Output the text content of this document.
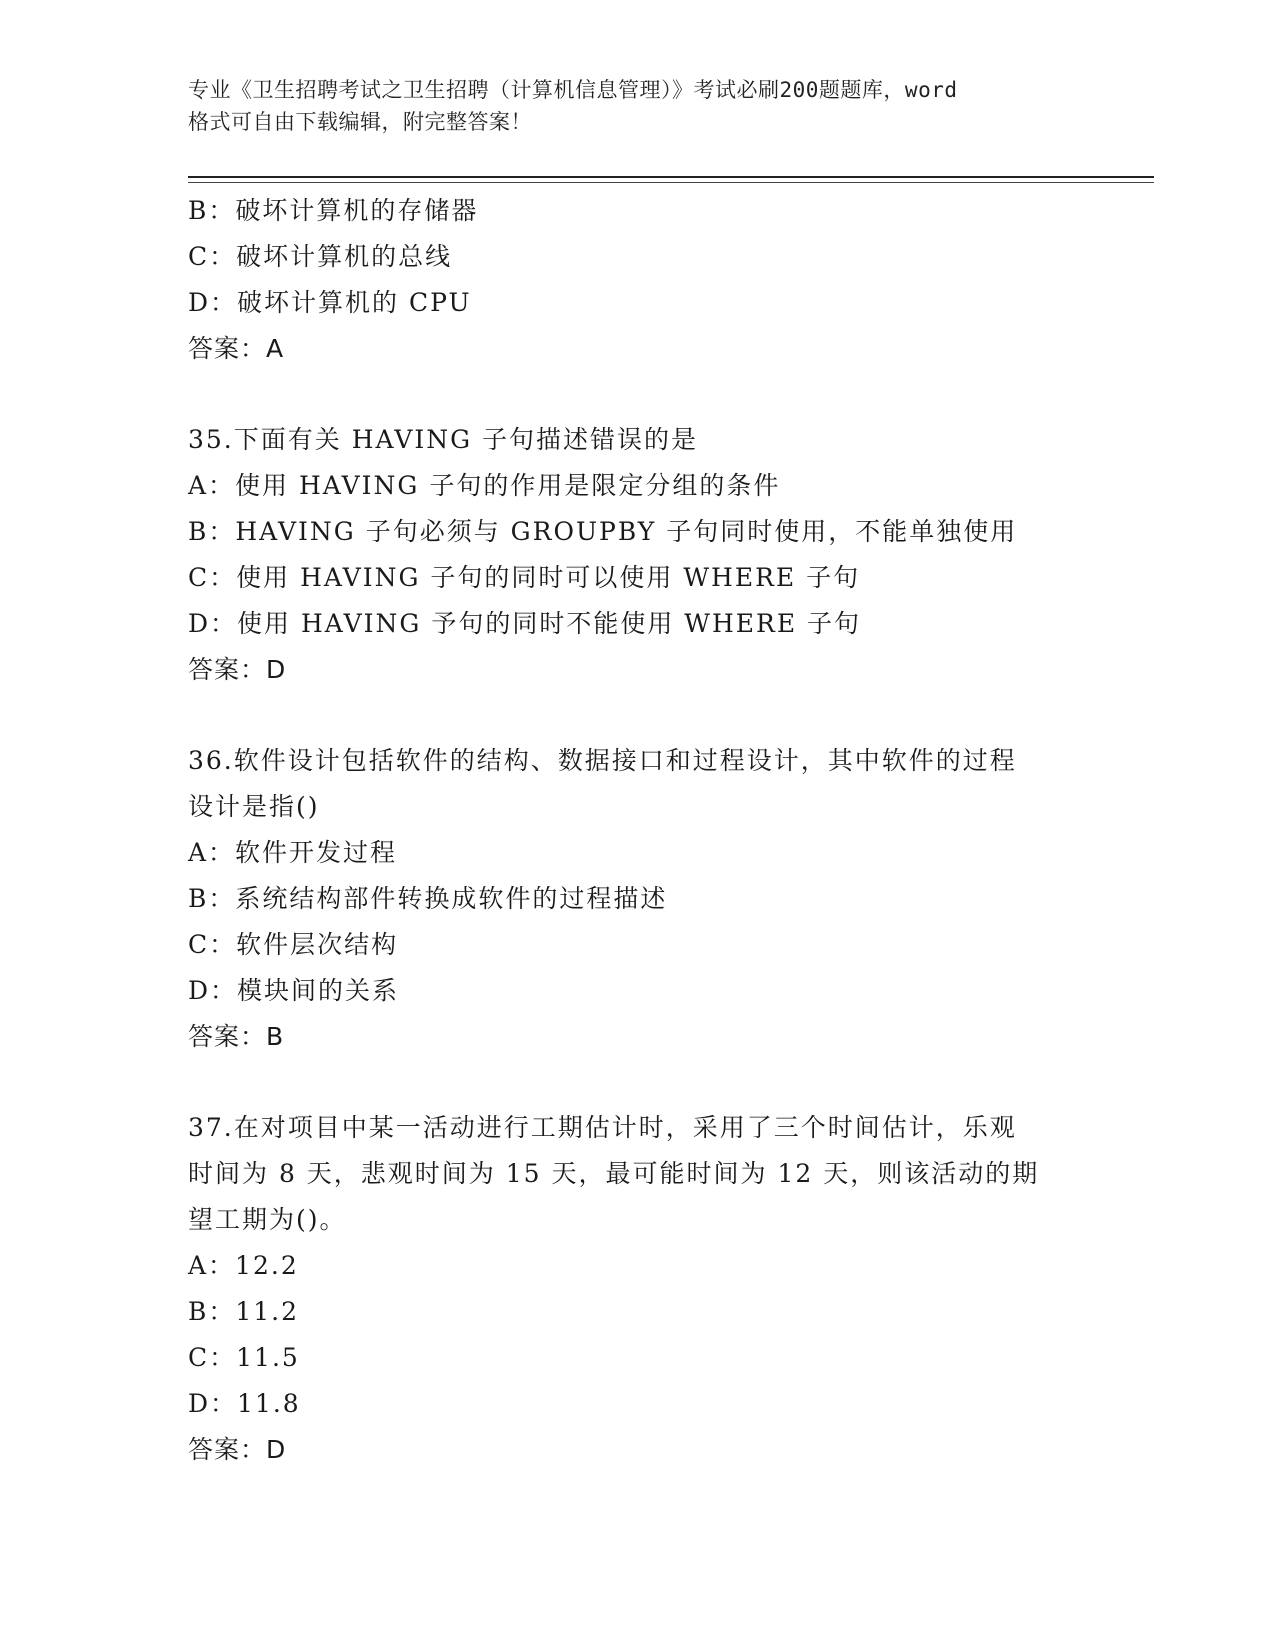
专业《卫生招聘考试之卫生招聘（计算机信息管理）》考试必刷200题题库，word
格式可自由下载编辑，附完整答案！
B：破坏计算机的存储器
C：破坏计算机的总线
D：破坏计算机的 CPU
答案：A
35.下面有关 HAVING 子句描述错误的是
A：使用 HAVING 子句的作用是限定分组的条件
B：HAVING 子句必须与 GROUPBY 子句同时使用，不能单独使用
C：使用 HAVING 子句的同时可以使用 WHERE 子句
D：使用 HAVING 予句的同时不能使用 WHERE 子句
答案：D
36.软件设计包括软件的结构、数据接口和过程设计，其中软件的过程
设计是指()
A：软件开发过程
B：系统结构部件转换成软件的过程描述
C：软件层次结构
D：模块间的关系
答案：B
37.在对项目中某一活动进行工期估计时，采用了三个时间估计，乐观
时间为 8 天，悲观时间为 15 天，最可能时间为 12 天，则该活动的期
望工期为()。
A：12.2
B：11.2
C：11.5
D：11.8
答案：D
